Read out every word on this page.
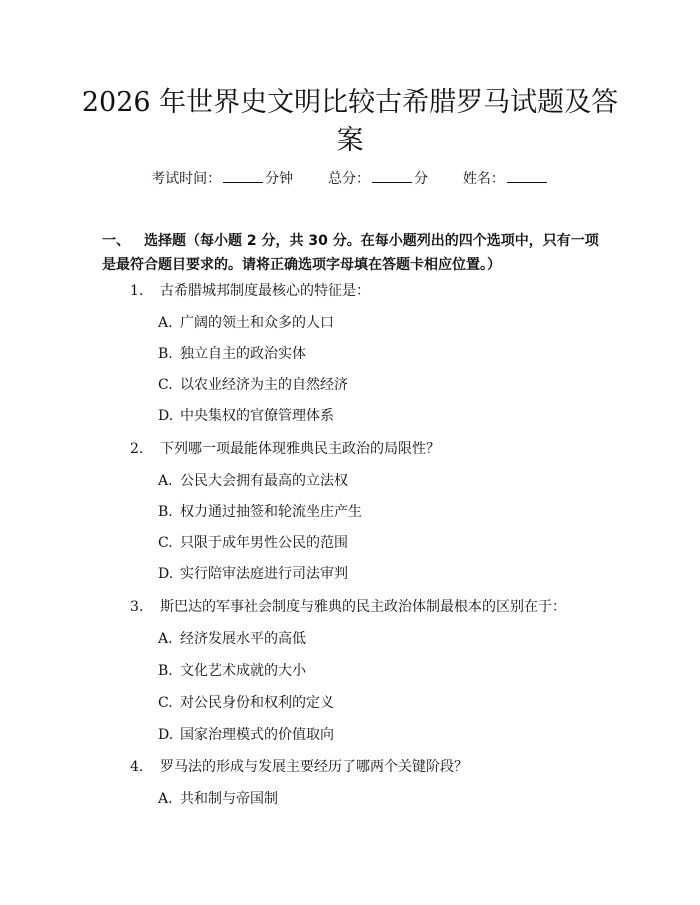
2026 年世界史文明比较古希腊罗马试题及答
案
考试时间：	分钟 总分：	分 姓名：
一、 选择题（每小题 2 分，共 30 分。在每小题列出的四个选项中，只有一项是最符合题目要求的。请将正确选项字母填在答题卡相应位置。）
1. 古希腊城邦制度最核心的特征是：
A. 广阔的领土和众多的人口
B. 独立自主的政治实体
C. 以农业经济为主的自然经济
D. 中央集权的官僚管理体系
2. 下列哪一项最能体现雅典民主政治的局限性？
A. 公民大会拥有最高的立法权
B. 权力通过抽签和轮流坐庄产生
C. 只限于成年男性公民的范围
D. 实行陪审法庭进行司法审判
3. 斯巴达的军事社会制度与雅典的民主政治体制最根本的区别在于：
A. 经济发展水平的高低
B. 文化艺术成就的大小
C. 对公民身份和权利的定义
D. 国家治理模式的价值取向
4. 罗马法的形成与发展主要经历了哪两个关键阶段？
A. 共和制与帝国制
